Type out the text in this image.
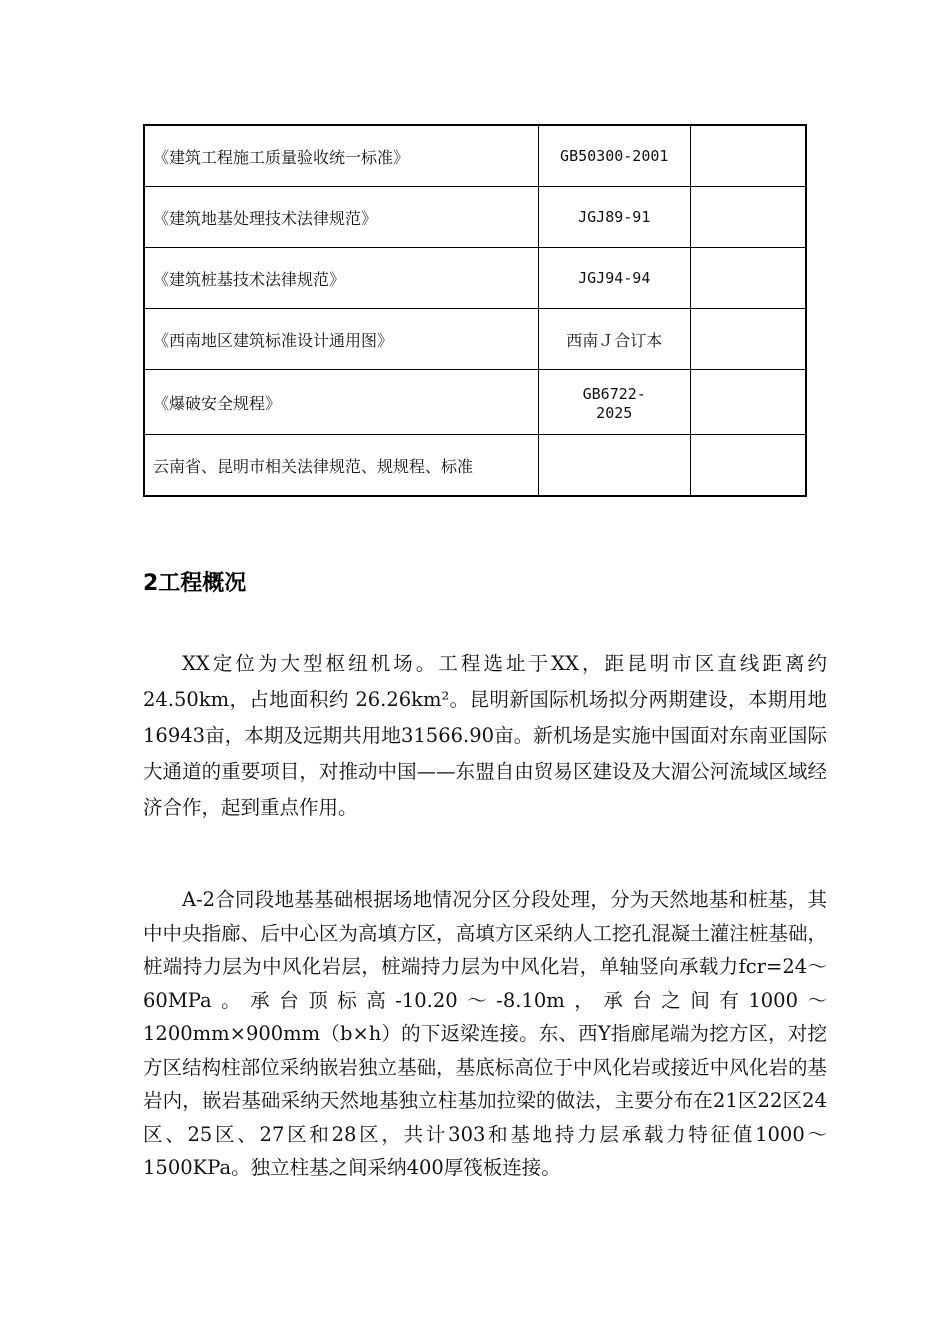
《建筑工程施工质量验收统一标准》	GB50300-2001	
《建筑地基处理技术法律规范》	JGJ89-91	
《建筑桩基技术法律规范》	JGJ94-94	
《西南地区建筑标准设计通用图》	西南Ｊ合订本	
《爆破安全规程》	GB6722-
2025	

云南省、昆明市相关法律规范、规规程、标准		
2工程概况

XX定位为大型枢纽机场。工程选址于XX，距昆明市区直线距离约24.50km，占地面积约 26.26km²。昆明新国际机场拟分两期建设，本期用地16943亩，本期及远期共用地31566.90亩。新机场是实施中国面对东南亚国际大通道的重要项目，对推动中国——东盟自由贸易区建设及大湄公河流域区域经济合作，起到重点作用。

A-2合同段地基基础根据场地情况分区分段处理，分为天然地基和桩基，其中中央指廊、后中心区为高填方区，高填方区采纳人工挖孔混凝土灌注桩基础，桩端持力层为中风化岩层，桩端持力层为中风化岩，单轴竖向承载力fcr=24～60MPa。承台顶标高-10.20～-8.10m，承台之间有1000～1200mm×900mm（b×h）的下返梁连接。东、西Y指廊尾端为挖方区，对挖方区结构柱部位采纳嵌岩独立基础，基底标高位于中风化岩或接近中风化岩的基岩内，嵌岩基础采纳天然地基独立柱基加拉梁的做法，主要分布在21区22区24区、25区、27区和28区，共计303和基地持力层承载力特征值1000～1500KPa。独立柱基之间采纳400厚筏板连接。
